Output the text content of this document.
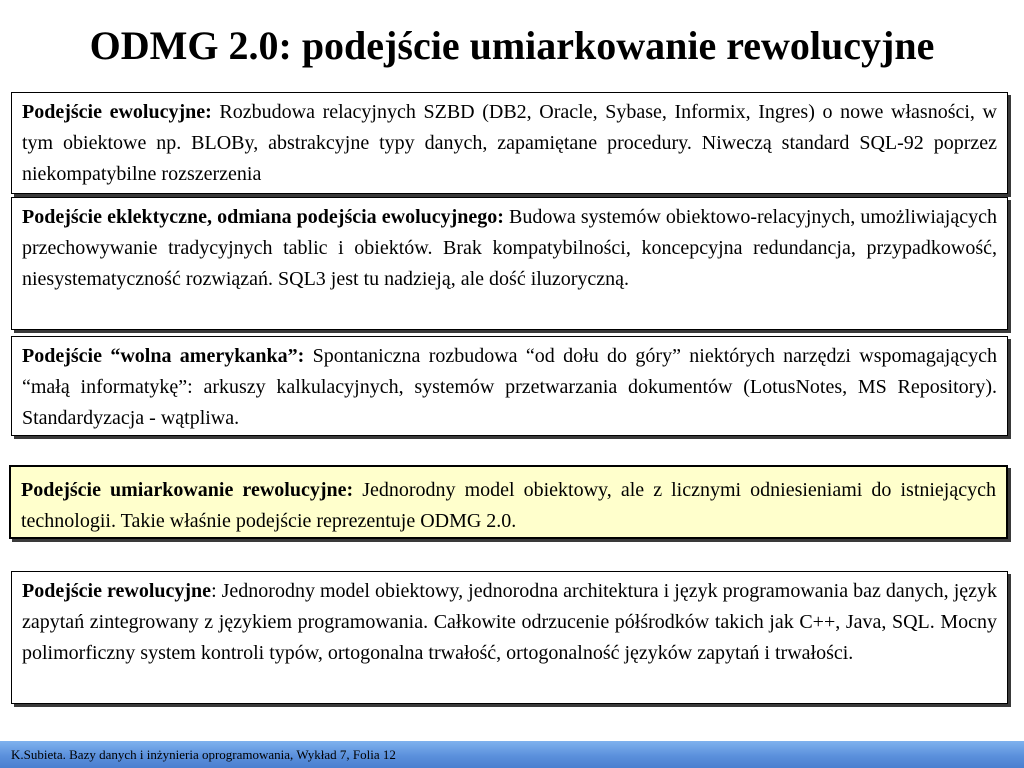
ODMG 2.0: podejście umiarkowanie rewolucyjne
Podejście ewolucyjne: Rozbudowa relacyjnych SZBD (DB2, Oracle, Sybase, Informix, Ingres) o nowe własności, w tym obiektowe np. BLOBy, abstrakcyjne typy danych, zapamiętane procedury. Niweczą standard SQL-92 poprzez niekompatybilne rozszerzenia
Podejście eklektyczne, odmiana podejścia ewolucyjnego: Budowa systemów obiektowo-relacyjnych, umożliwiających przechowywanie tradycyjnych tablic i obiektów. Brak kompatybilności, koncepcyjna redundancja, przypadkowość, niesystematyczność rozwiązań. SQL3 jest tu nadzieją, ale dość iluzoryczną.
Podejście “wolna amerykanka”: Spontaniczna rozbudowa “od dołu do góry” niektórych narzędzi wspomagających “małą informatykę”: arkuszy kalkulacyjnych, systemów przetwarzania dokumentów (LotusNotes, MS Repository). Standardyzacja - wątpliwa.
Podejście umiarkowanie rewolucyjne: Jednorodny model obiektowy, ale z licznymi odniesieniami do istniejących technologii. Takie właśnie podejście reprezentuje ODMG 2.0.
Podejście rewolucyjne: Jednorodny model obiektowy, jednorodna architektura i język programowania baz danych, język zapytań zintegrowany z językiem programowania. Całkowite odrzucenie półśrodków takich jak C++, Java, SQL. Mocny polimorficzny system kontroli typów, ortogonalna trwałość, ortogonalność języków zapytań i trwałości.
K.Subieta. Bazy danych i inżynieria oprogramowania, Wykład 7, Folia 12
